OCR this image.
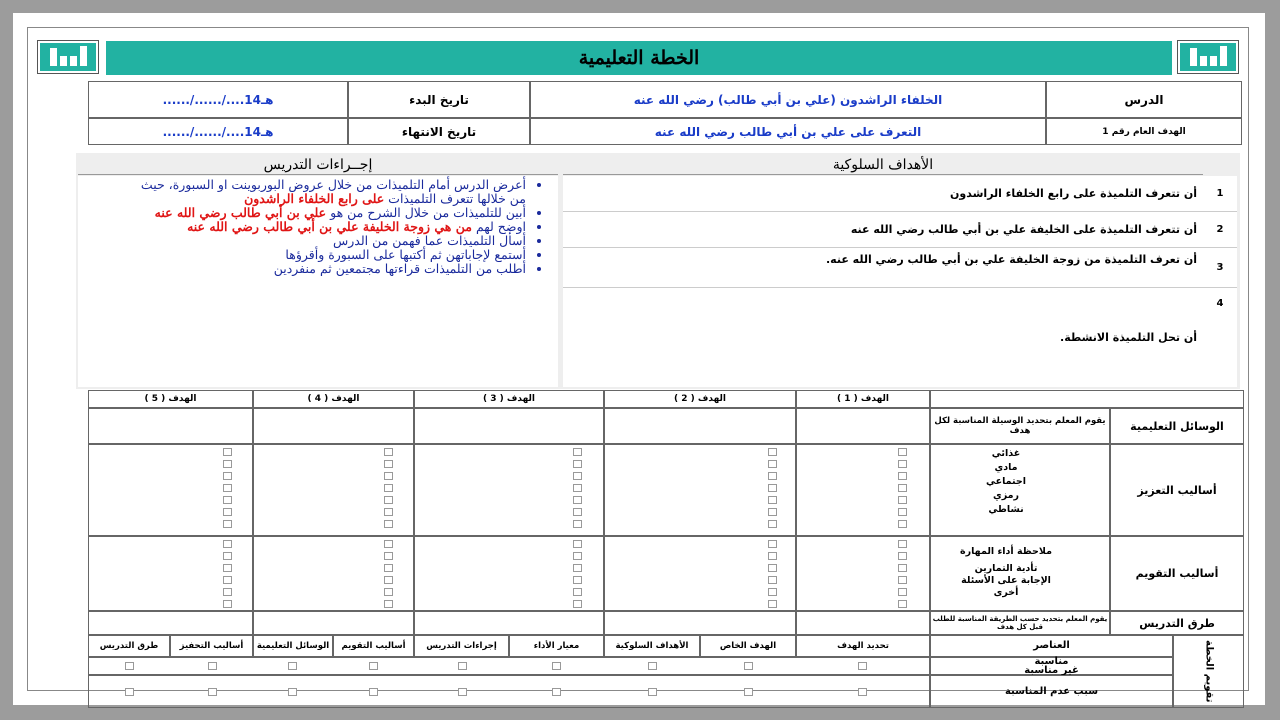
الخطة التعليمية
الدرس
الخلفاء الراشدون (علي بن أبي طالب) رضي الله عنه
تاريخ البدء
....../....../....14هـ
الهدف العام رقم 1
التعرف على علي بن أبي طالب رضي الله عنه
تاريخ الانتهاء
....../....../....14هـ
الأهداف السلوكية
إجــراءات التدريس
أن تتعرف التلميذة على رابع الخلفاء الراشدون	1
أن تتعرف التلميذة على الخليفة علي بن أبي طالب رضي الله عنه	2
أن تعرف التلميذة من زوجة الخليفة علي بن أبي طالب رضي الله عنه.
3
أن تحل التلميذة الانشطة.
4
• أعرض الدرس أمام التلميذات من خلال عروض البوربوينت او السبورة، حيث من خلالها تتعرف التلميذات على رابع الخلفاء الراشدون
• أبين للتلميذات من خلال الشرح من هو علي بن أبي طالب رضي الله عنه
• اوضح لهم من هي زوجة الخليفة علي بن أبي طالب رضي الله عنه
• أسأل التلميذات عما فهمن من الدرس
• أستمع لإجاباتهن ثم أكتبها على السبورة وأقرؤها
• أطلب من التلميذات قراءتها مجتمعين ثم منفردين
الهدف ( 1 )
الهدف ( 2 )
الهدف ( 3 )
الهدف ( 4 )
الهدف ( 5 )
الوسائل التعليمية
يقوم المعلم بتحديد الوسيلة المناسبة لكل هدف
أساليب التعزيز
غذائي
مادي
اجتماعي
رمزي
نشاطي
أساليب التقويم
ملاحظة أداء المهارة
تأدية التمارين
الإجابة على الأسئلة
أخرى
طرق التدريس
يقوم المعلم بتحديد حسب الطريقة المناسبة للطلب قبل كل هدف
تقويم الخطة
العناصر
مناسبة
غير مناسبة
سبب عدم المناسبة
تحديد الهدف
الهدف الخاص
الأهداف السلوكية
معيار الأداء
إجراءات التدريس
أساليب التقويم
الوسائل التعليمية
أساليب التحفيز
طرق التدريس
